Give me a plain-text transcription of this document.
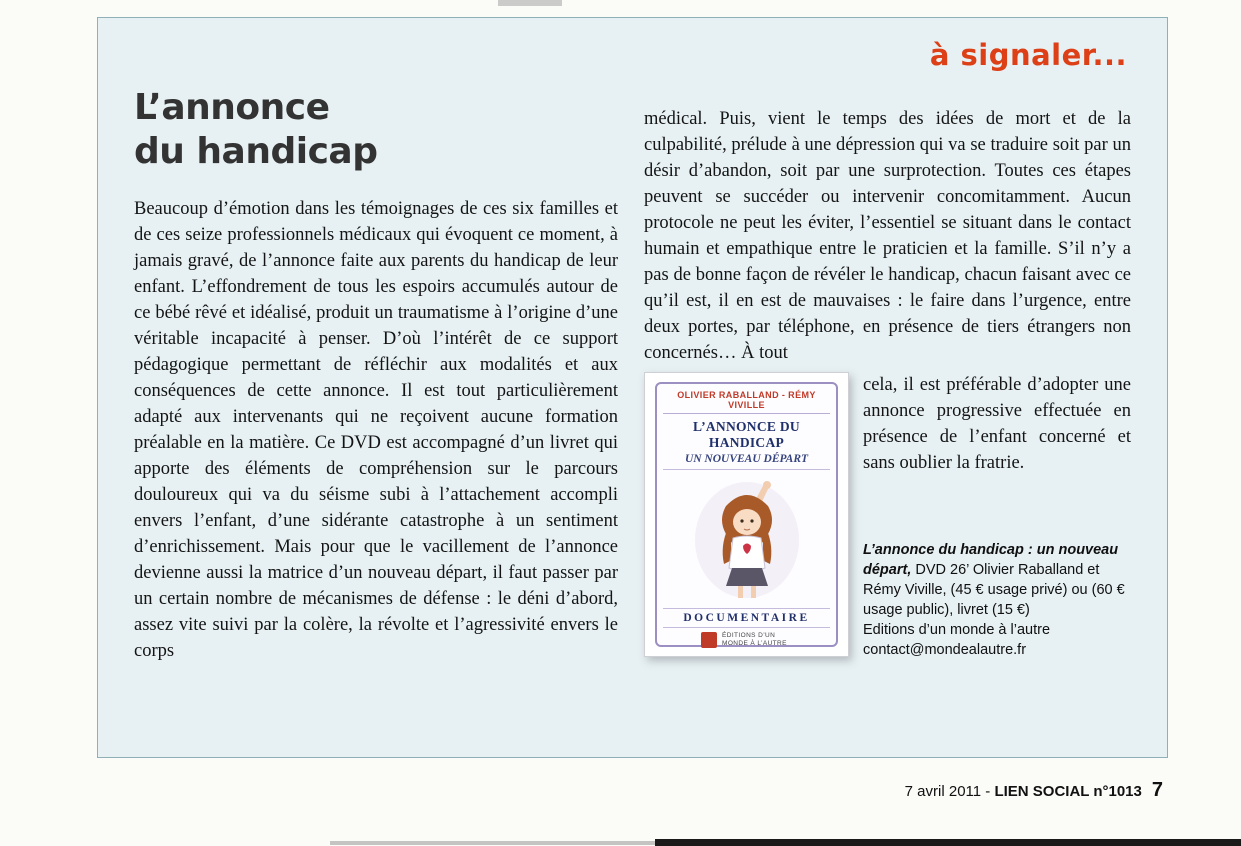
à signaler...
L’annonce
du handicap

Beaucoup d’émotion dans les témoignages de ces six familles et de ces seize professionnels médicaux qui évoquent ce moment, à jamais gravé, de l’annonce faite aux parents du handicap de leur enfant. L’effondrement de tous les espoirs accumulés autour de ce bébé rêvé et idéalisé, produit un traumatisme à l’origine d’une véritable incapacité à penser. D’où l’intérêt de ce support pédagogique permettant de réfléchir aux modalités et aux conséquences de cette annonce. Il est tout particulièrement adapté aux intervenants qui ne reçoivent aucune formation préalable en la matière. Ce DVD est accompagné d’un livret qui apporte des éléments de compréhension sur le parcours douloureux qui va du séisme subi à l’attachement accompli envers l’enfant, d’une sidérante catastrophe à un sentiment d’enrichissement. Mais pour que le vacillement de l’annonce devienne aussi la matrice d’un nouveau départ, il faut passer par un certain nombre de mécanismes de défense : le déni d’abord, assez vite suivi par la colère, la révolte et l’agressivité envers le corps

médical. Puis, vient le temps des idées de mort et de la culpabilité, prélude à une dépression qui va se traduire soit par un désir d’abandon, soit par une surprotection. Toutes ces étapes peuvent se succéder ou intervenir concomitamment. Aucun protocole ne peut les éviter, l’essentiel se situant dans le contact humain et empathique entre le praticien et la famille. S’il n’y a pas de bonne façon de révéler le handicap, chacun faisant avec ce qu’il est, il en est de mauvaises : le faire dans l’urgence, entre deux portes, par téléphone, en présence de tiers étrangers non concernés… À tout

OLIVIER RABALLAND - RÉMY VIVILLE
L’ANNONCE DU HANDICAP
UN NOUVEAU DÉPART
DOCUMENTAIRE
ÉDITIONS D’UN MONDE À L’AUTRE

cela, il est préférable d’adopter une annonce progressive effectuée en présence de l’enfant concerné et sans oublier la fratrie.

L’annonce du handicap : un nouveau départ, DVD 26’ Olivier Raballand et Rémy Viville, (45 € usage privé) ou (60 € usage public), livret (15 €)
Editions d’un monde à l’autre
contact@mondealautre.fr
7 avril 2011 - LIEN SOCIAL n°1013 7
